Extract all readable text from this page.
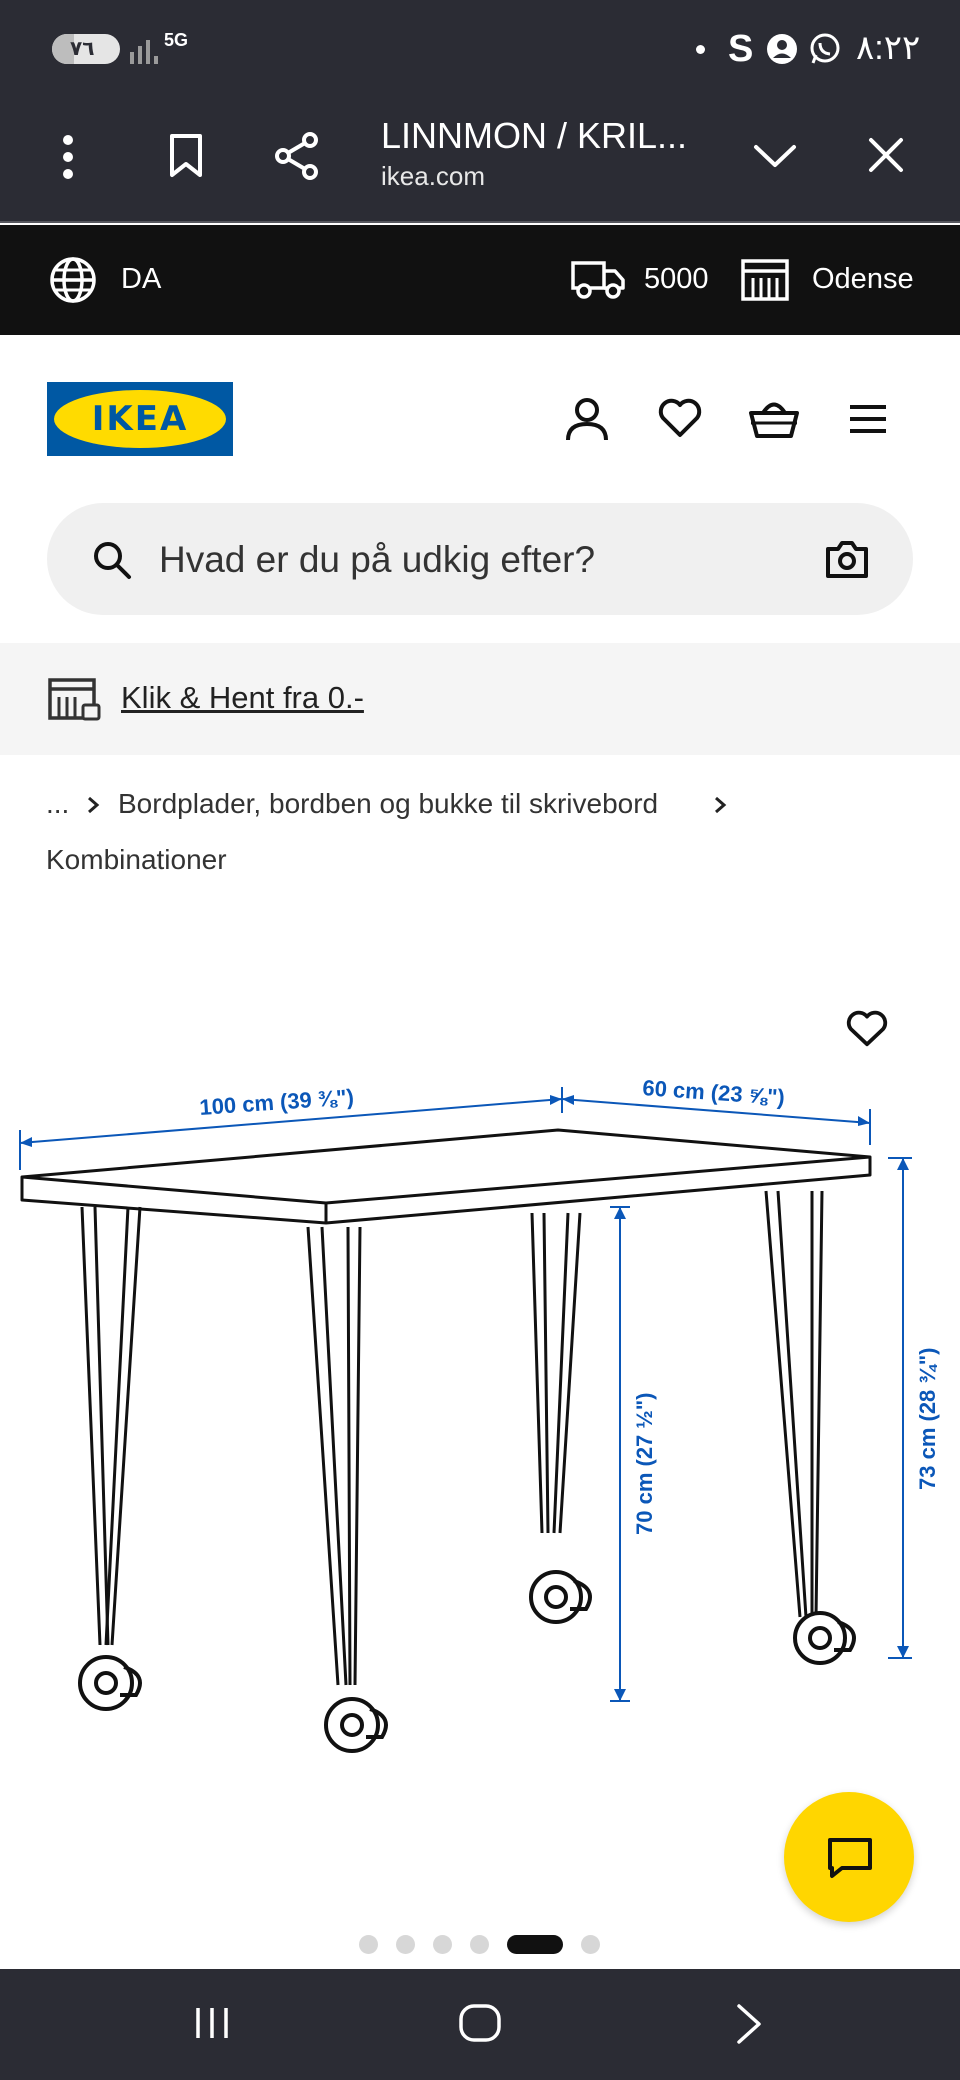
٧٦	5G	S	٨:٢٢
LINNMON / KRIL...
ikea.com
DA	5000	Odense
IKEA
Hvad er du på udkig efter?
Klik & Hent fra 0.-
... Bordplader, bordben og bukke til skrivebord
Kombinationer
100 cm (39 ⅜")	60 cm (23 ⅝")
70 cm (27 ½")	73 cm (28 ¾")
